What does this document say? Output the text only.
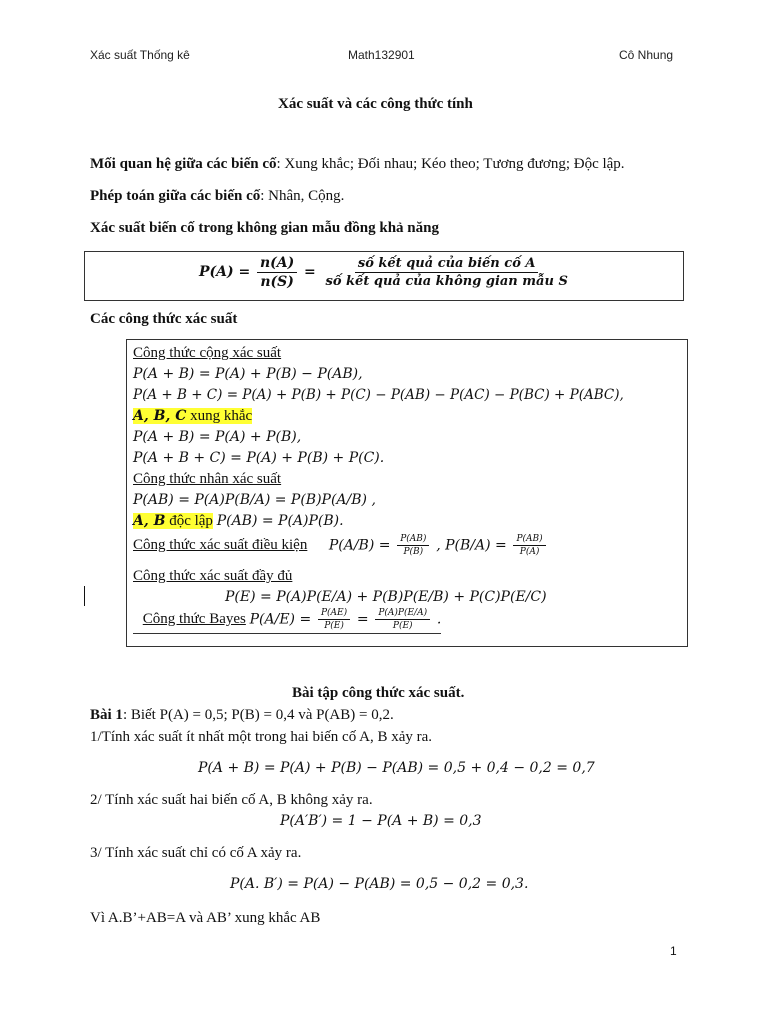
Xác suất Thống kê	Math132901	Cô Nhung
Xác suất và các công thức tính
Mối quan hệ giữa các biến cố: Xung khắc; Đối nhau; Kéo theo; Tương đương; Độc lập.
Phép toán giữa các biến cố: Nhân, Cộng.
Xác suất biến cố trong không gian mẫu đồng khả năng
$P(A) = \frac{n(A)}{n(S)} = \frac{\text{số kết quả của biến cố A}}{\text{số kết quả của không gian mẫu S}}$
Các công thức xác suất
Công thức cộng xác suất
P(A + B) = P(A) + P(B) − P(AB),
P(A + B + C) = P(A) + P(B) + P(C) − P(AB) − P(AC) − P(BC) + P(ABC),
A, B, C xung khắc
P(A + B) = P(A) + P(B),
P(A + B + C) = P(A) + P(B) + P(C).
Công thức nhân xác suất
P(AB) = P(A)P(B/A) = P(B)P(A/B) ,
A, B độc lập P(AB) = P(A)P(B).
Công thức xác suất điều kiện $P(A/B) = \frac{P(AB)}{P(B)}$ , $P(B/A) = \frac{P(AB)}{P(A)}$
Công thức xác suất đầy đủ
P(E) = P(A)P(E/A) + P(B)P(E/B) + P(C)P(E/C)
Công thức Bayes $P(A/E) = \frac{P(AE)}{P(E)} = \frac{P(A)P(E/A)}{P(E)}$ .
Bài tập công thức xác suất.
Bài 1: Biết P(A) = 0,5; P(B) = 0,4 và P(AB) = 0,2.
1/Tính xác suất ít nhất một trong hai biến cố A, B xảy ra.
P(A + B) = P(A) + P(B) − P(AB) = 0,5 + 0,4 − 0,2 = 0,7
2/ Tính xác suất hai biến cố A, B không xảy ra.
P(A′B′) = 1 − P(A + B) = 0,3
3/ Tính xác suất chỉ có cố A xảy ra.
P(A. B′) = P(A) − P(AB) = 0,5 − 0,2 = 0,3.
Vì A.B’+AB=A và AB’ xung khắc AB
1
